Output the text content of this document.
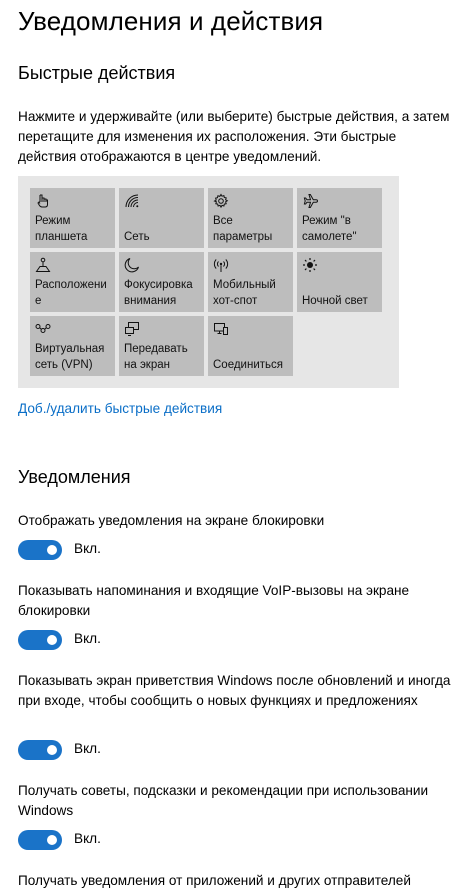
Уведомления и действия
Быстрые действия

Нажмите и удерживайте (или выберите) быстрые действия, а затем перетащите для изменения их расположения. Эти быстрые действия отображаются в центре уведомлений.

Режим
планшета	Сеть
Все
параметры
Режим "в
самолете"
Расположени
е
Фокусировка
внимания
Мобильный
хот-спот	Ночной свет
Виртуальная
сеть (VPN)
Передавать
на экран	Соединиться
Доб./удалить быстрые действия
Уведомления

Отображать уведомления на экране блокировки

Вкл.

Показывать напоминания и входящие VoIP-вызовы на экране блокировки

Вкл.

Показывать экран приветствия Windows после обновлений и иногда при входе, чтобы сообщить о новых функциях и предложениях

Вкл.

Получать советы, подсказки и рекомендации при использовании Windows

Вкл.

Получать уведомления от приложений и других отправителей
